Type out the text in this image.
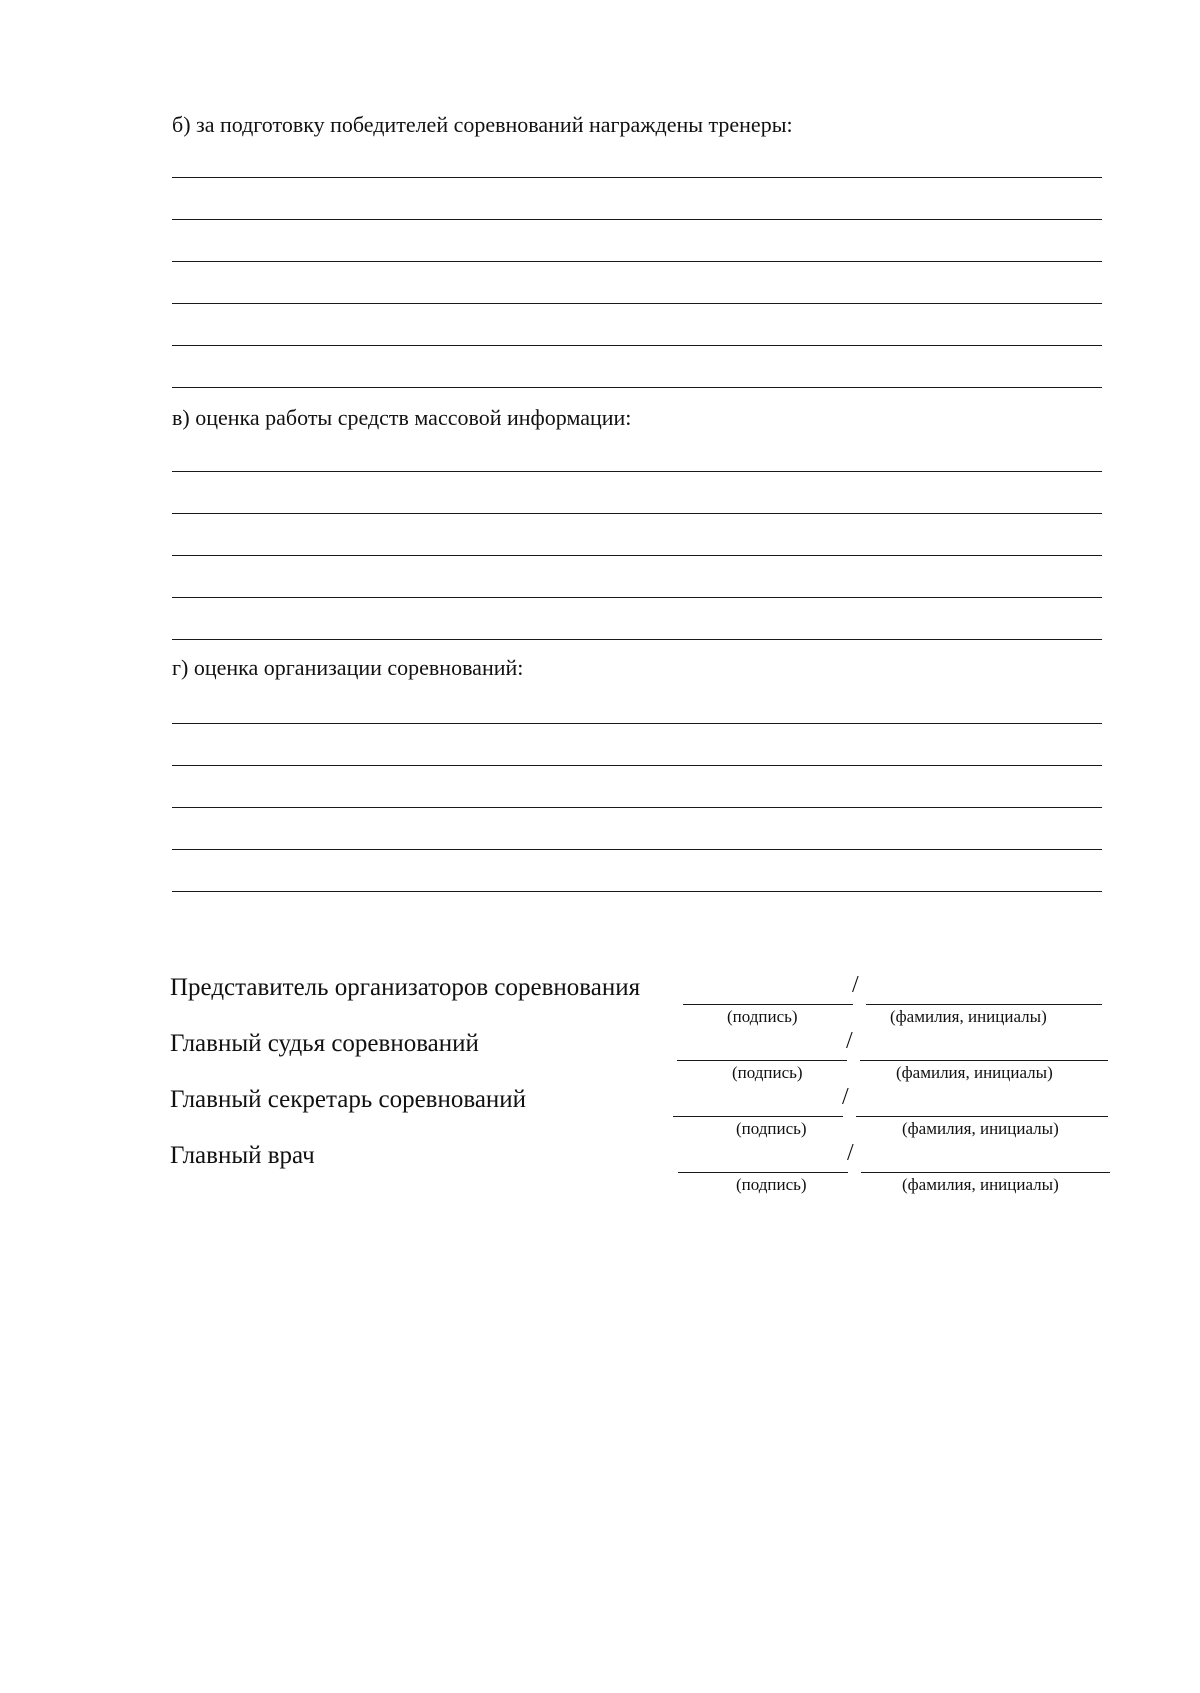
б) за подготовку победителей соревнований награждены тренеры:
в) оценка работы средств массовой информации:
г) оценка организации соревнований:
Представитель организаторов соревнования	/
(подпись)	(фамилия, инициалы)
Главный судья соревнований	/
(подпись)	(фамилия, инициалы)
Главный секретарь соревнований	/
(подпись)	(фамилия, инициалы)
Главный врач	/
(подпись)	(фамилия, инициалы)
